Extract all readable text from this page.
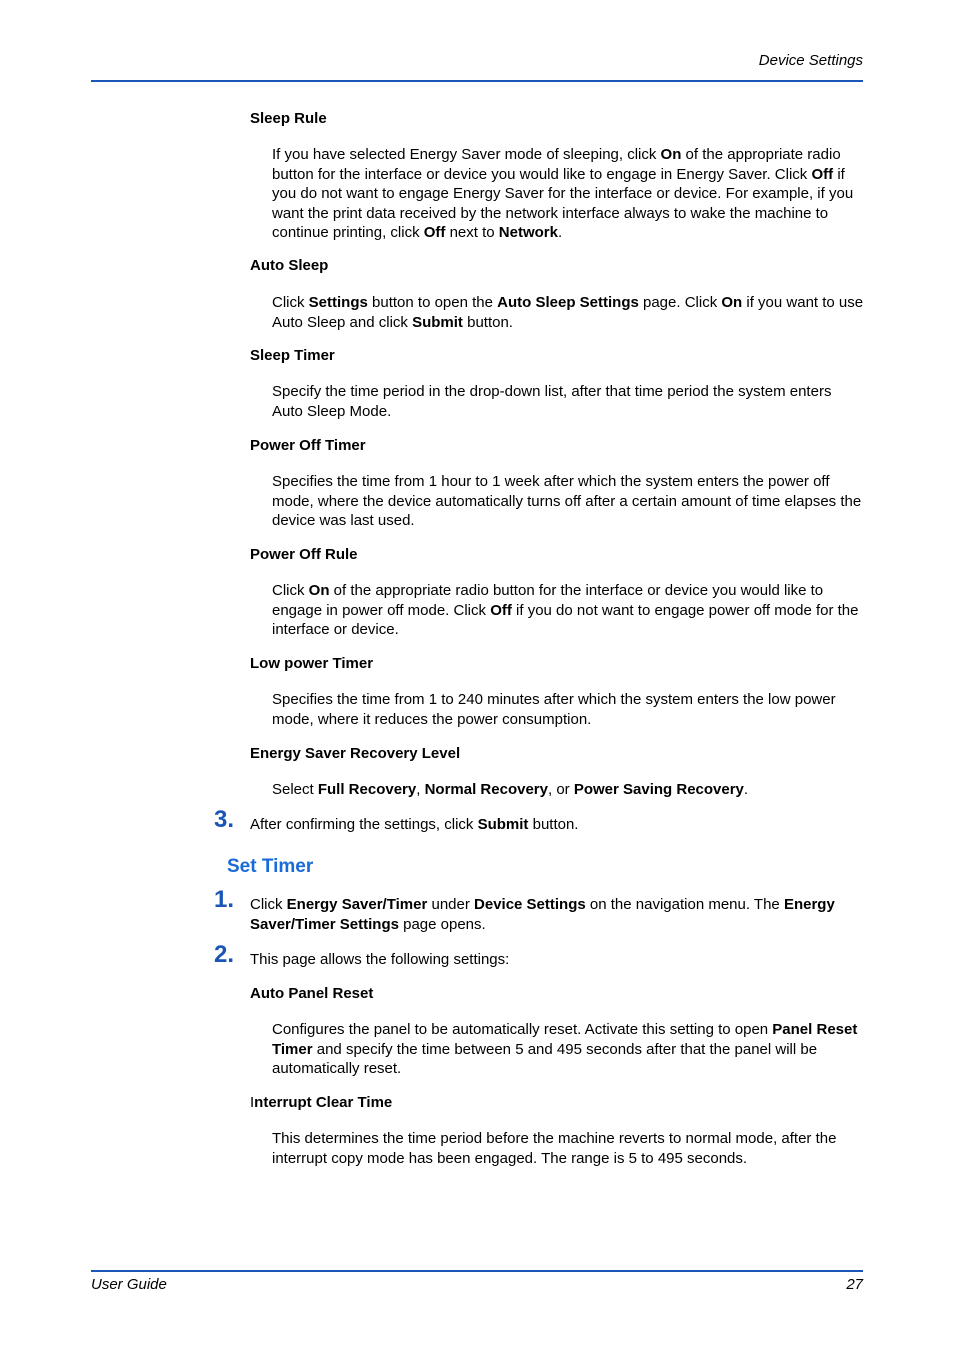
Device Settings
Sleep Rule
If you have selected Energy Saver mode of sleeping, click On of the appropriate radio button for the interface or device you would like to engage in Energy Saver. Click Off if you do not want to engage Energy Saver for the interface or device. For example, if you want the print data received by the network interface always to wake the machine to continue printing, click Off next to Network.
Auto Sleep
Click Settings button to open the Auto Sleep Settings page. Click On if you want to use Auto Sleep and click Submit button.
Sleep Timer
Specify the time period in the drop-down list, after that time period the system enters Auto Sleep Mode.
Power Off Timer
Specifies the time from 1 hour to 1 week after which the system enters the power off mode, where the device automatically turns off after a certain amount of time elapses the device was last used.
Power Off Rule
Click On of the appropriate radio button for the interface or device you would like to engage in power off mode. Click Off if you do not want to engage power off mode for the interface or device.
Low power Timer
Specifies the time from 1 to 240 minutes after which the system enters the low power mode, where it reduces the power consumption.
Energy Saver Recovery Level
Select Full Recovery, Normal Recovery, or Power Saving Recovery.
3. After confirming the settings, click Submit button.
Set Timer
1. Click Energy Saver/Timer under Device Settings on the navigation menu. The Energy Saver/Timer Settings page opens.
2. This page allows the following settings:
Auto Panel Reset
Configures the panel to be automatically reset. Activate this setting to open Panel Reset Timer and specify the time between 5 and 495 seconds after that the panel will be automatically reset.
Interrupt Clear Time
This determines the time period before the machine reverts to normal mode, after the interrupt copy mode has been engaged. The range is 5 to 495 seconds.
User Guide	27
